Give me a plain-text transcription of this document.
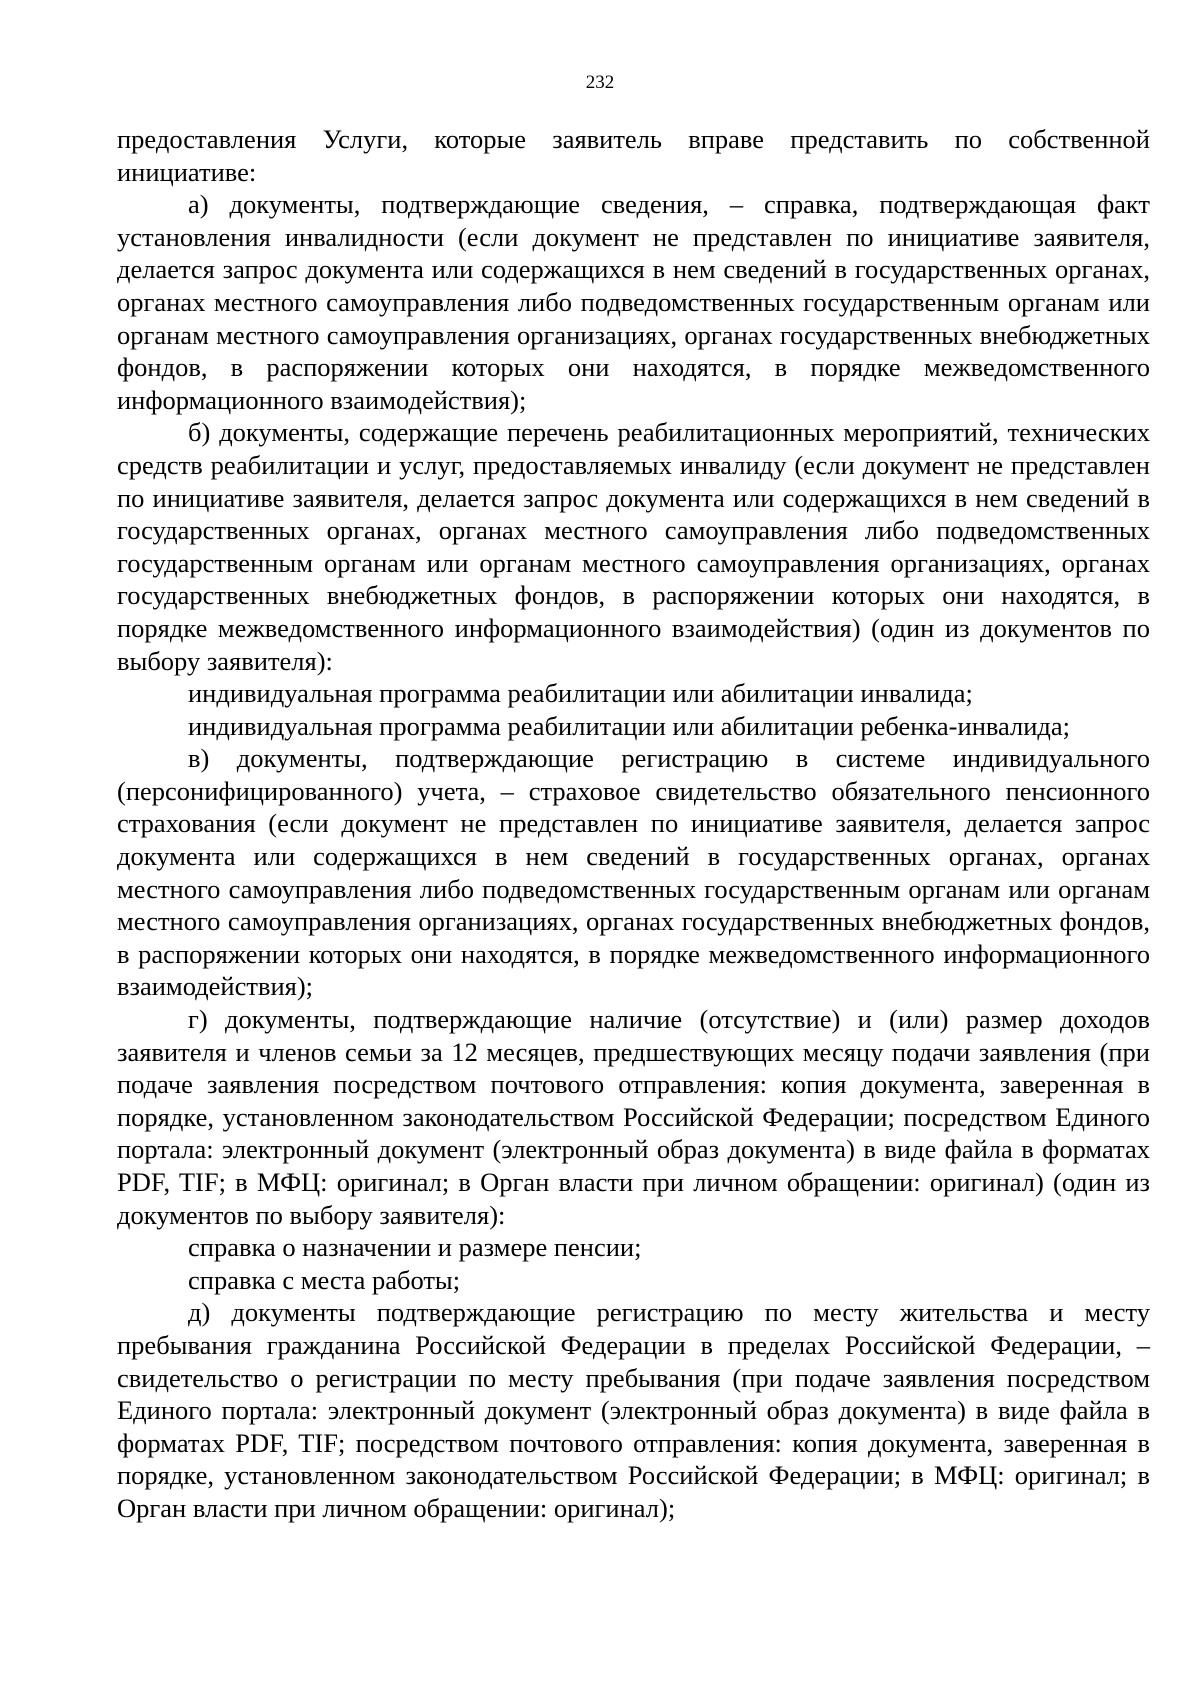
232

предоставления Услуги, которые заявитель вправе представить по собственной инициативе:

а) документы, подтверждающие сведения, – справка, подтверждающая факт установления инвалидности (если документ не представлен по инициативе заявителя, делается запрос документа или содержащихся в нем сведений в государственных органах, органах местного самоуправления либо подведомственных государственным органам или органам местного самоуправления организациях, органах государственных внебюджетных фондов, в распоряжении которых они находятся, в порядке межведомственного информационного взаимодействия);

б) документы, содержащие перечень реабилитационных мероприятий, технических средств реабилитации и услуг, предоставляемых инвалиду (если документ не представлен по инициативе заявителя, делается запрос документа или содержащихся в нем сведений в государственных органах, органах местного самоуправления либо подведомственных государственным органам или органам местного самоуправления организациях, органах государственных внебюджетных фондов, в распоряжении которых они находятся, в порядке межведомственного информационного взаимодействия) (один из документов по выбору заявителя):

индивидуальная программа реабилитации или абилитации инвалида;

индивидуальная программа реабилитации или абилитации ребенка-инвалида;

в) документы, подтверждающие регистрацию в системе индивидуального (персонифицированного) учета, – страховое свидетельство обязательного пенсионного страхования (если документ не представлен по инициативе заявителя, делается запрос документа или содержащихся в нем сведений в государственных органах, органах местного самоуправления либо подведомственных государственным органам или органам местного самоуправления организациях, органах государственных внебюджетных фондов, в распоряжении которых они находятся, в порядке межведомственного информационного взаимодействия);

г) документы, подтверждающие наличие (отсутствие) и (или) размер доходов заявителя и членов семьи за 12 месяцев, предшествующих месяцу подачи заявления (при подаче заявления посредством почтового отправления: копия документа, заверенная в порядке, установленном законодательством Российской Федерации; посредством Единого портала: электронный документ (электронный образ документа) в виде файла в форматах PDF, TIF; в МФЦ: оригинал; в Орган власти при личном обращении: оригинал) (один из документов по выбору заявителя):

справка о назначении и размере пенсии;

справка с места работы;

д) документы подтверждающие регистрацию по месту жительства и месту пребывания гражданина Российской Федерации в пределах Российской Федерации, – свидетельство о регистрации по месту пребывания (при подаче заявления посредством Единого портала: электронный документ (электронный образ документа) в виде файла в форматах PDF, TIF; посредством почтового отправления: копия документа, заверенная в порядке, установленном законодательством Российской Федерации; в МФЦ: оригинал; в Орган власти при личном обращении: оригинал);
